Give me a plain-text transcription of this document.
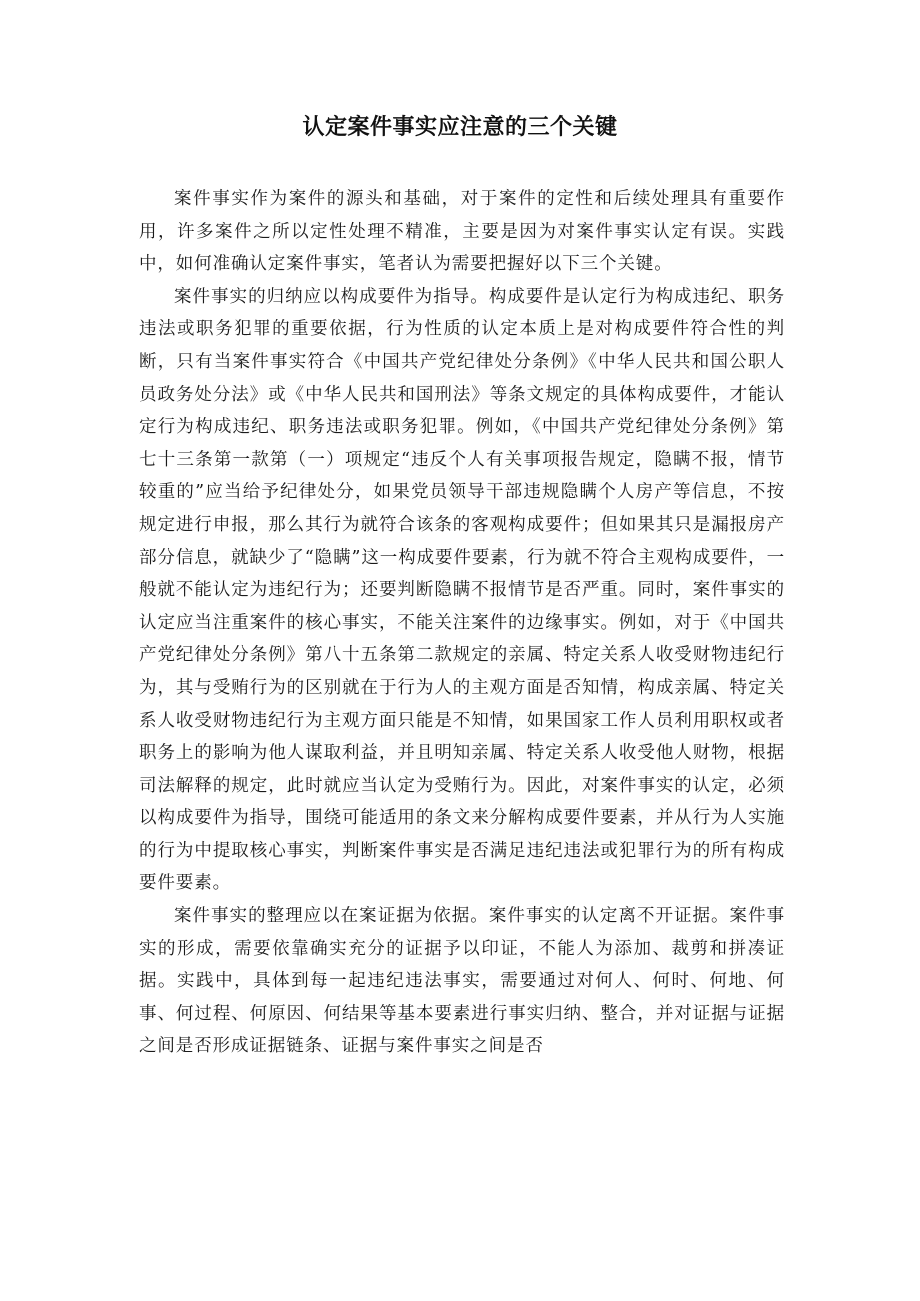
认定案件事实应注意的三个关键

案件事实作为案件的源头和基础，对于案件的定性和后续处理具有重要作用，许多案件之所以定性处理不精准，主要是因为对案件事实认定有误。实践中，如何准确认定案件事实，笔者认为需要把握好以下三个关键。

案件事实的归纳应以构成要件为指导。构成要件是认定行为构成违纪、职务违法或职务犯罪的重要依据，行为性质的认定本质上是对构成要件符合性的判断，只有当案件事实符合《中国共产党纪律处分条例》《中华人民共和国公职人员政务处分法》或《中华人民共和国刑法》等条文规定的具体构成要件，才能认定行为构成违纪、职务违法或职务犯罪。例如，《中国共产党纪律处分条例》第七十三条第一款第（一）项规定“违反个人有关事项报告规定，隐瞒不报，情节较重的”应当给予纪律处分，如果党员领导干部违规隐瞒个人房产等信息，不按规定进行申报，那么其行为就符合该条的客观构成要件；但如果其只是漏报房产部分信息，就缺少了“隐瞒”这一构成要件要素，行为就不符合主观构成要件，一般就不能认定为违纪行为；还要判断隐瞒不报情节是否严重。同时，案件事实的认定应当注重案件的核心事实，不能关注案件的边缘事实。例如，对于《中国共产党纪律处分条例》第八十五条第二款规定的亲属、特定关系人收受财物违纪行为，其与受贿行为的区别就在于行为人的主观方面是否知情，构成亲属、特定关系人收受财物违纪行为主观方面只能是不知情，如果国家工作人员利用职权或者职务上的影响为他人谋取利益，并且明知亲属、特定关系人收受他人财物，根据司法解释的规定，此时就应当认定为受贿行为。因此，对案件事实的认定，必须以构成要件为指导，围绕可能适用的条文来分解构成要件要素，并从行为人实施的行为中提取核心事实，判断案件事实是否满足违纪违法或犯罪行为的所有构成要件要素。

案件事实的整理应以在案证据为依据。案件事实的认定离不开证据。案件事实的形成，需要依靠确实充分的证据予以印证，不能人为添加、裁剪和拼凑证据。实践中，具体到每一起违纪违法事实，需要通过对何人、何时、何地、何事、何过程、何原因、何结果等基本要素进行事实归纳、整合，并对证据与证据之间是否形成证据链条、证据与案件事实之间是否
